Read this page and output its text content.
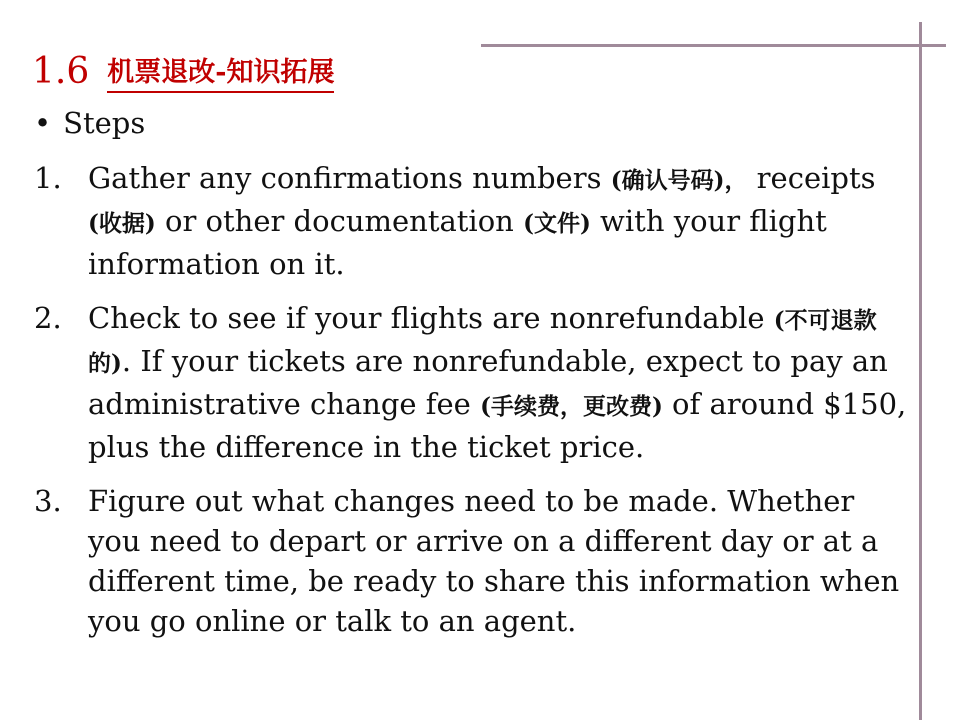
1.6 机票退改-知识拓展
• Steps
1. Gather any confirmations numbers (确认号码)， receipts (收据) or other documentation (文件) with your flight information on it.
2. Check to see if your flights are nonrefundable (不可退款的). If your tickets are nonrefundable, expect to pay an administrative change fee (手续费，更改费) of around $150, plus the difference in the ticket price.
3. Figure out what changes need to be made. Whether you need to depart or arrive on a different day or at a different time, be ready to share this information when you go online or talk to an agent.
